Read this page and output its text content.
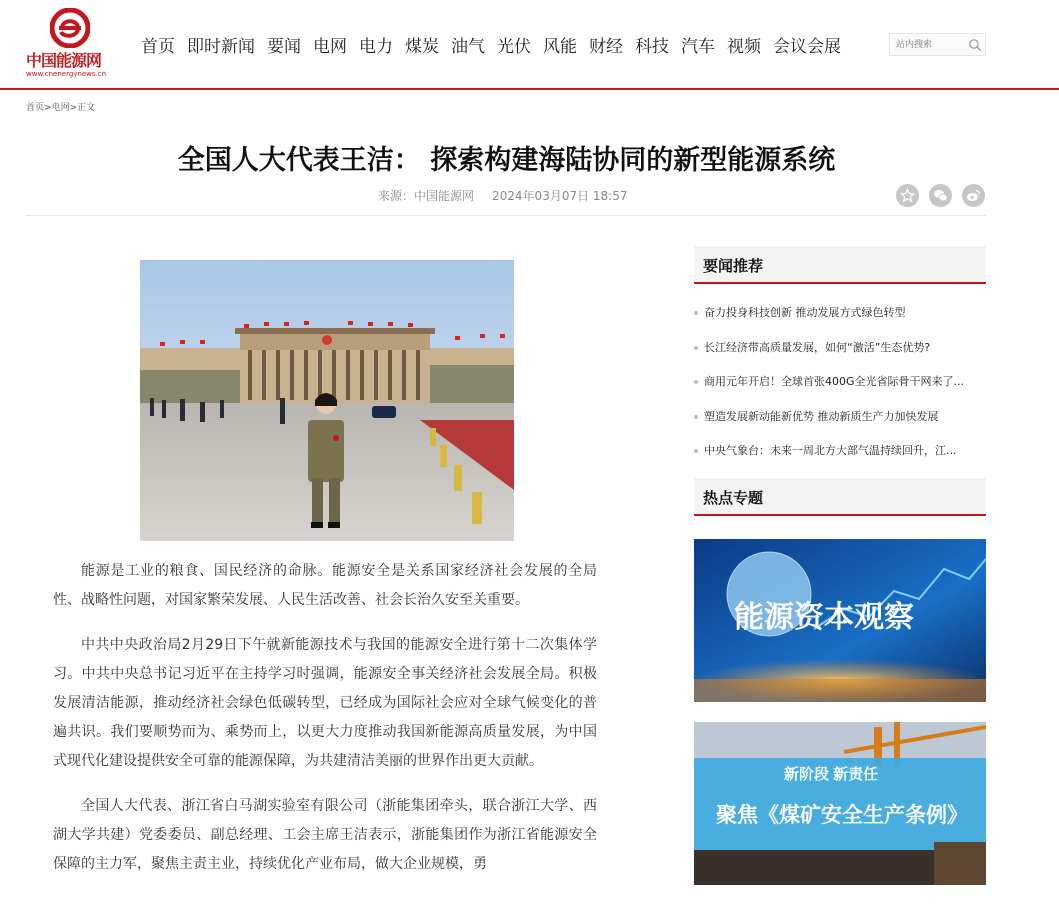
中国能源网
www.cnenergynews.cn
首页 即时新闻 要闻 电网 电力 煤炭 油气 光伏 风能 财经 科技 汽车 视频 会议会展
站内搜索
首页>电网>正文
全国人大代表王洁： 探索构建海陆协同的新型能源系统
来源：中国能源网 2024年03月07日 18:57

能源是工业的粮食、国民经济的命脉。能源安全是关系国家经济社会发展的全局性、战略性问题，对国家繁荣发展、人民生活改善、社会长治久安至关重要。

中共中央政治局2月29日下午就新能源技术与我国的能源安全进行第十二次集体学习。中共中央总书记习近平在主持学习时强调，能源安全事关经济社会发展全局。积极发展清洁能源，推动经济社会绿色低碳转型，已经成为国际社会应对全球气候变化的普遍共识。我们要顺势而为、乘势而上，以更大力度推动我国新能源高质量发展，为中国式现代化建设提供安全可靠的能源保障，为共建清洁美丽的世界作出更大贡献。

全国人大代表、浙江省白马湖实验室有限公司（浙能集团牵头，联合浙江大学、西湖大学共建）党委委员、副总经理、工会主席王洁表示，浙能集团作为浙江省能源安全保障的主力军，聚焦主责主业，持续优化产业布局，做大企业规模，勇

要闻推荐
奋力投身科技创新 推动发展方式绿色转型
长江经济带高质量发展，如何“激活”生态优势?
商用元年开启！全球首张400G全光省际骨干网来了...
塑造发展新动能新优势 推动新质生产力加快发展
中央气象台：未来一周北方大部气温持续回升，江...
热点专题
能源资本观察
新阶段 新责任
聚焦《煤矿安全生产条例》
